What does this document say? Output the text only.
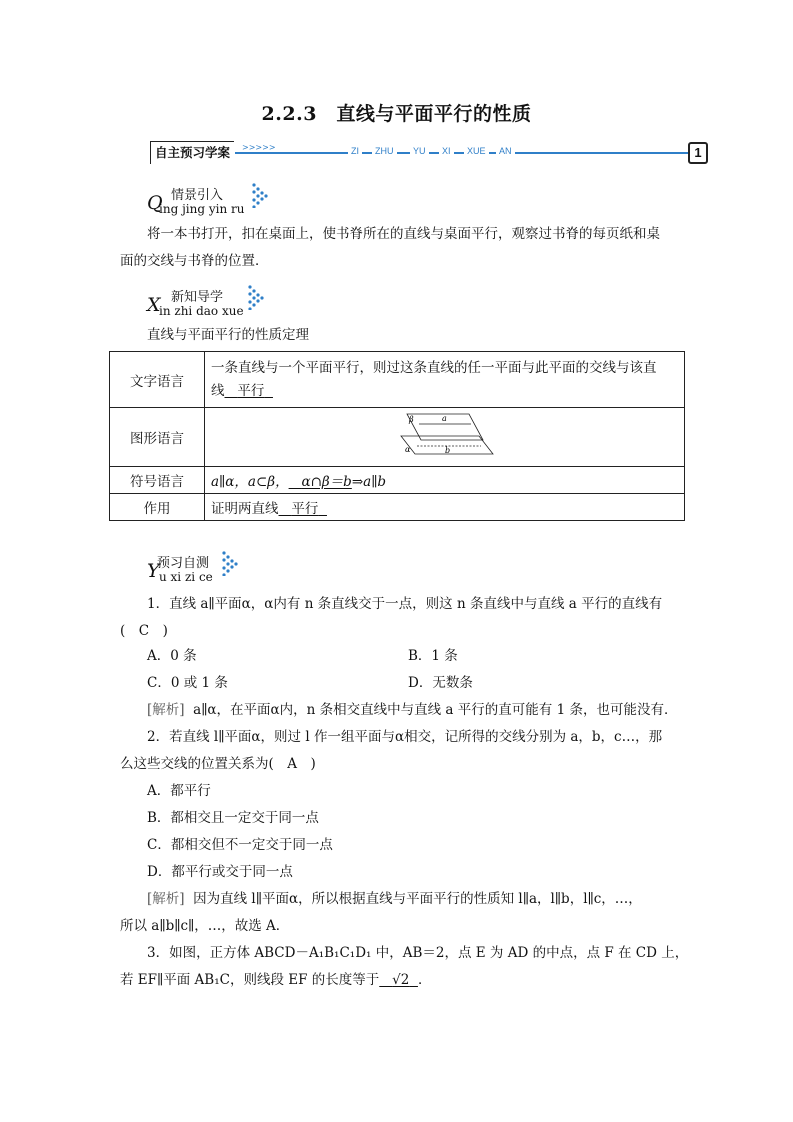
2.2.3　直线与平面平行的性质
自主预习学案	>>>>>	ZI	ZHU	YU	XI	XUE	AN	1
Q 情景引入
ing jing yin ru
将一本书打开，扣在桌面上，使书脊所在的直线与桌面平行，观察过书脊的每页纸和桌
面的交线与书脊的位置．
X 新知导学
in zhi dao xue
直线与平面平行的性质定理
文字语言	一条直线与一个平面平行，则过这条直线的任一平面与此平面的交线与该直
线 平行

图形语言	β a
α b

符号语言	a∥α，a⊂β， α∩β＝b⇒a∥b
作用	证明两直线 平行
Y
预习自测
u xi zi ce
1．直线 a∥平面α，α内有 n 条直线交于一点，则这 n 条直线中与直线 a 平行的直线有
(　C　)
A．0 条	B．1 条
C．0 或 1 条	D．无数条
[解析] a∥α，在平面α内，n 条相交直线中与直线 a 平行的直可能有 1 条，也可能没有．
2．若直线 l∥平面α，则过 l 作一组平面与α相交，记所得的交线分别为 a，b，c…，那
么这些交线的位置关系为(　A　)
A．都平行
B．都相交且一定交于同一点
C．都相交但不一定交于同一点
D．都平行或交于同一点
[解析] 因为直线 l∥平面α，所以根据直线与平面平行的性质知 l∥a，l∥b，l∥c，…，
所以 a∥b∥c∥，…，故选 A．
3．如图，正方体 ABCD－A₁B₁C₁D₁ 中，AB＝2，点 E 为 AD 的中点，点 F 在 CD 上，
若 EF∥平面 AB₁C，则线段 EF 的长度等于 √2 ．
